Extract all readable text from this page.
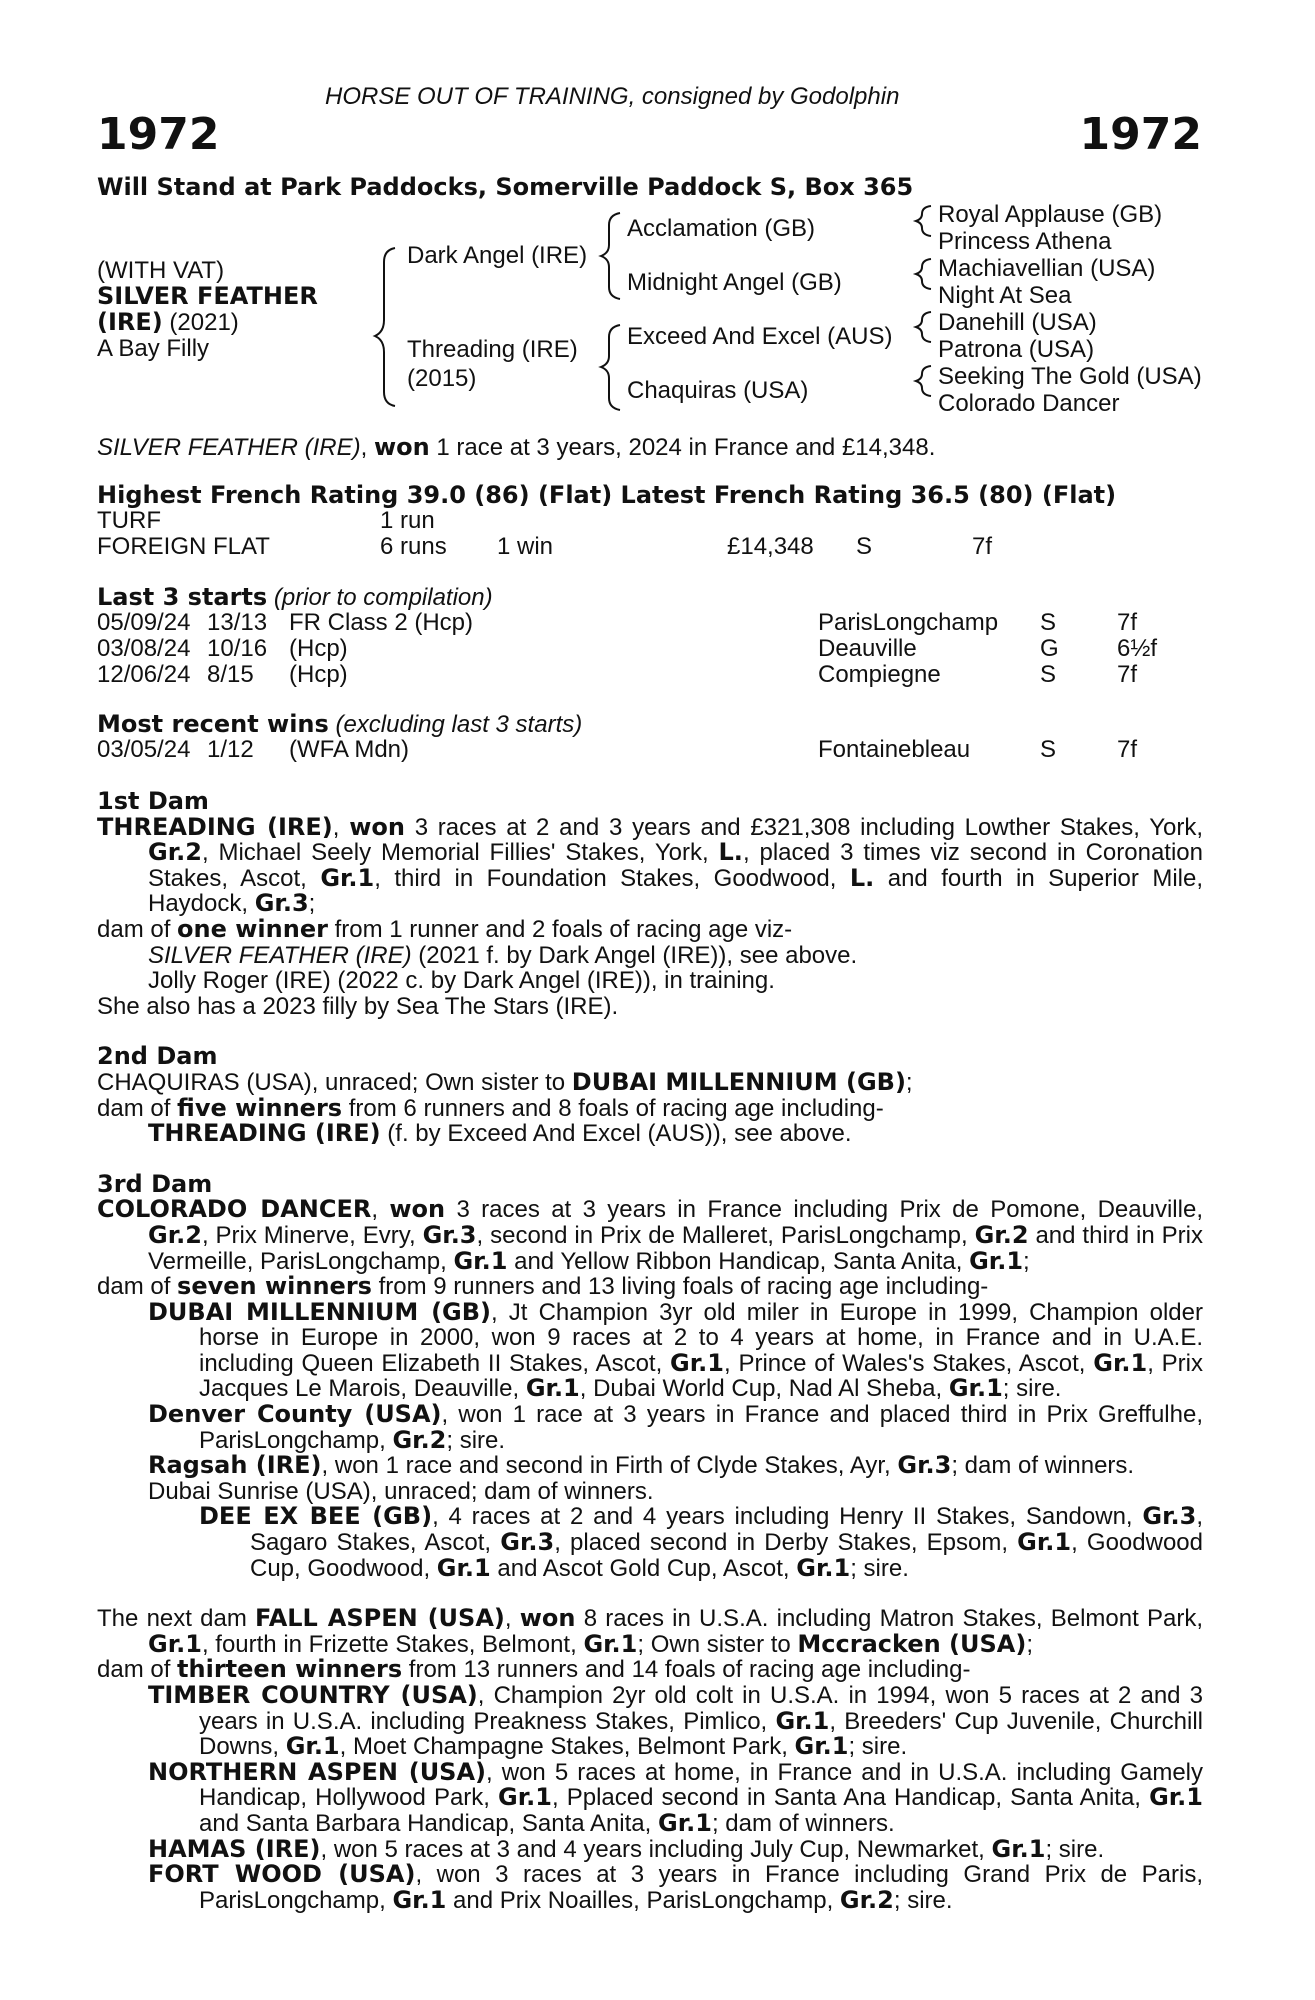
HORSE OUT OF TRAINING, consigned by Godolphin
1972	1972
Will Stand at Park Paddocks, Somerville Paddock S, Box 365
(WITH VAT)
SILVER FEATHER
(IRE) (2021)
A Bay Filly
Dark Angel (IRE)
Threading (IRE)
(2015)
Acclamation (GB)
Midnight Angel (GB)
Exceed And Excel (AUS)
Chaquiras (USA)
Royal Applause (GB)
Princess Athena
Machiavellian (USA)
Night At Sea
Danehill (USA)
Patrona (USA)
Seeking The Gold (USA)
Colorado Dancer
SILVER FEATHER (IRE), won 1 race at 3 years, 2024 in France and £14,348.
Highest French Rating 39.0 (86) (Flat) Latest French Rating 36.5 (80) (Flat)
TURF	1 run
FOREIGN FLAT	6 runs 1 win	£14,348 S	7f
Last 3 starts (prior to compilation)
05/09/24 13/13 FR Class 2 (Hcp)	ParisLongchamp S	7f
03/08/24 10/16 (Hcp)	Deauville	G 6½f
12/06/24 8/15 (Hcp)	Compiegne	S	7f
Most recent wins (excluding last 3 starts)
03/05/24 1/12 (WFA Mdn)	Fontainebleau	S	7f
1st Dam

THREADING (IRE), won 3 races at 2 and 3 years and £321,308 including Lowther Stakes, York, Gr.2, Michael Seely Memorial Fillies' Stakes, York, L., placed 3 times viz second in Coronation Stakes, Ascot, Gr.1, third in Foundation Stakes, Goodwood, L. and fourth in Superior Mile, Haydock, Gr.3;

dam of one winner from 1 runner and 2 foals of racing age viz-

SILVER FEATHER (IRE) (2021 f. by Dark Angel (IRE)), see above.

Jolly Roger (IRE) (2022 c. by Dark Angel (IRE)), in training.

She also has a 2023 filly by Sea The Stars (IRE).

2nd Dam

CHAQUIRAS (USA), unraced; Own sister to DUBAI MILLENNIUM (GB);

dam of five winners from 6 runners and 8 foals of racing age including-

THREADING (IRE) (f. by Exceed And Excel (AUS)), see above.

3rd Dam

COLORADO DANCER, won 3 races at 3 years in France including Prix de Pomone, Deauville, Gr.2, Prix Minerve, Evry, Gr.3, second in Prix de Malleret, ParisLongchamp, Gr.2 and third in Prix Vermeille, ParisLongchamp, Gr.1 and Yellow Ribbon Handicap, Santa Anita, Gr.1;

dam of seven winners from 9 runners and 13 living foals of racing age including-

DUBAI MILLENNIUM (GB), Jt Champion 3yr old miler in Europe in 1999, Champion older horse in Europe in 2000, won 9 races at 2 to 4 years at home, in France and in U.A.E. including Queen Elizabeth II Stakes, Ascot, Gr.1, Prince of Wales's Stakes, Ascot, Gr.1, Prix Jacques Le Marois, Deauville, Gr.1, Dubai World Cup, Nad Al Sheba, Gr.1; sire.

Denver County (USA), won 1 race at 3 years in France and placed third in Prix Greffulhe, ParisLongchamp, Gr.2; sire.

Ragsah (IRE), won 1 race and second in Firth of Clyde Stakes, Ayr, Gr.3; dam of winners.

Dubai Sunrise (USA), unraced; dam of winners.

DEE EX BEE (GB), 4 races at 2 and 4 years including Henry II Stakes, Sandown, Gr.3, Sagaro Stakes, Ascot, Gr.3, placed second in Derby Stakes, Epsom, Gr.1, Goodwood Cup, Goodwood, Gr.1 and Ascot Gold Cup, Ascot, Gr.1; sire.

The next dam FALL ASPEN (USA), won 8 races in U.S.A. including Matron Stakes, Belmont Park, Gr.1, fourth in Frizette Stakes, Belmont, Gr.1; Own sister to Mccracken (USA);

dam of thirteen winners from 13 runners and 14 foals of racing age including-

TIMBER COUNTRY (USA), Champion 2yr old colt in U.S.A. in 1994, won 5 races at 2 and 3 years in U.S.A. including Preakness Stakes, Pimlico, Gr.1, Breeders' Cup Juvenile, Churchill Downs, Gr.1, Moet Champagne Stakes, Belmont Park, Gr.1; sire.

NORTHERN ASPEN (USA), won 5 races at home, in France and in U.S.A. including Gamely Handicap, Hollywood Park, Gr.1, Pplaced second in Santa Ana Handicap, Santa Anita, Gr.1 and Santa Barbara Handicap, Santa Anita, Gr.1; dam of winners.

HAMAS (IRE), won 5 races at 3 and 4 years including July Cup, Newmarket, Gr.1; sire.

FORT WOOD (USA), won 3 races at 3 years in France including Grand Prix de Paris, ParisLongchamp, Gr.1 and Prix Noailles, ParisLongchamp, Gr.2; sire.
